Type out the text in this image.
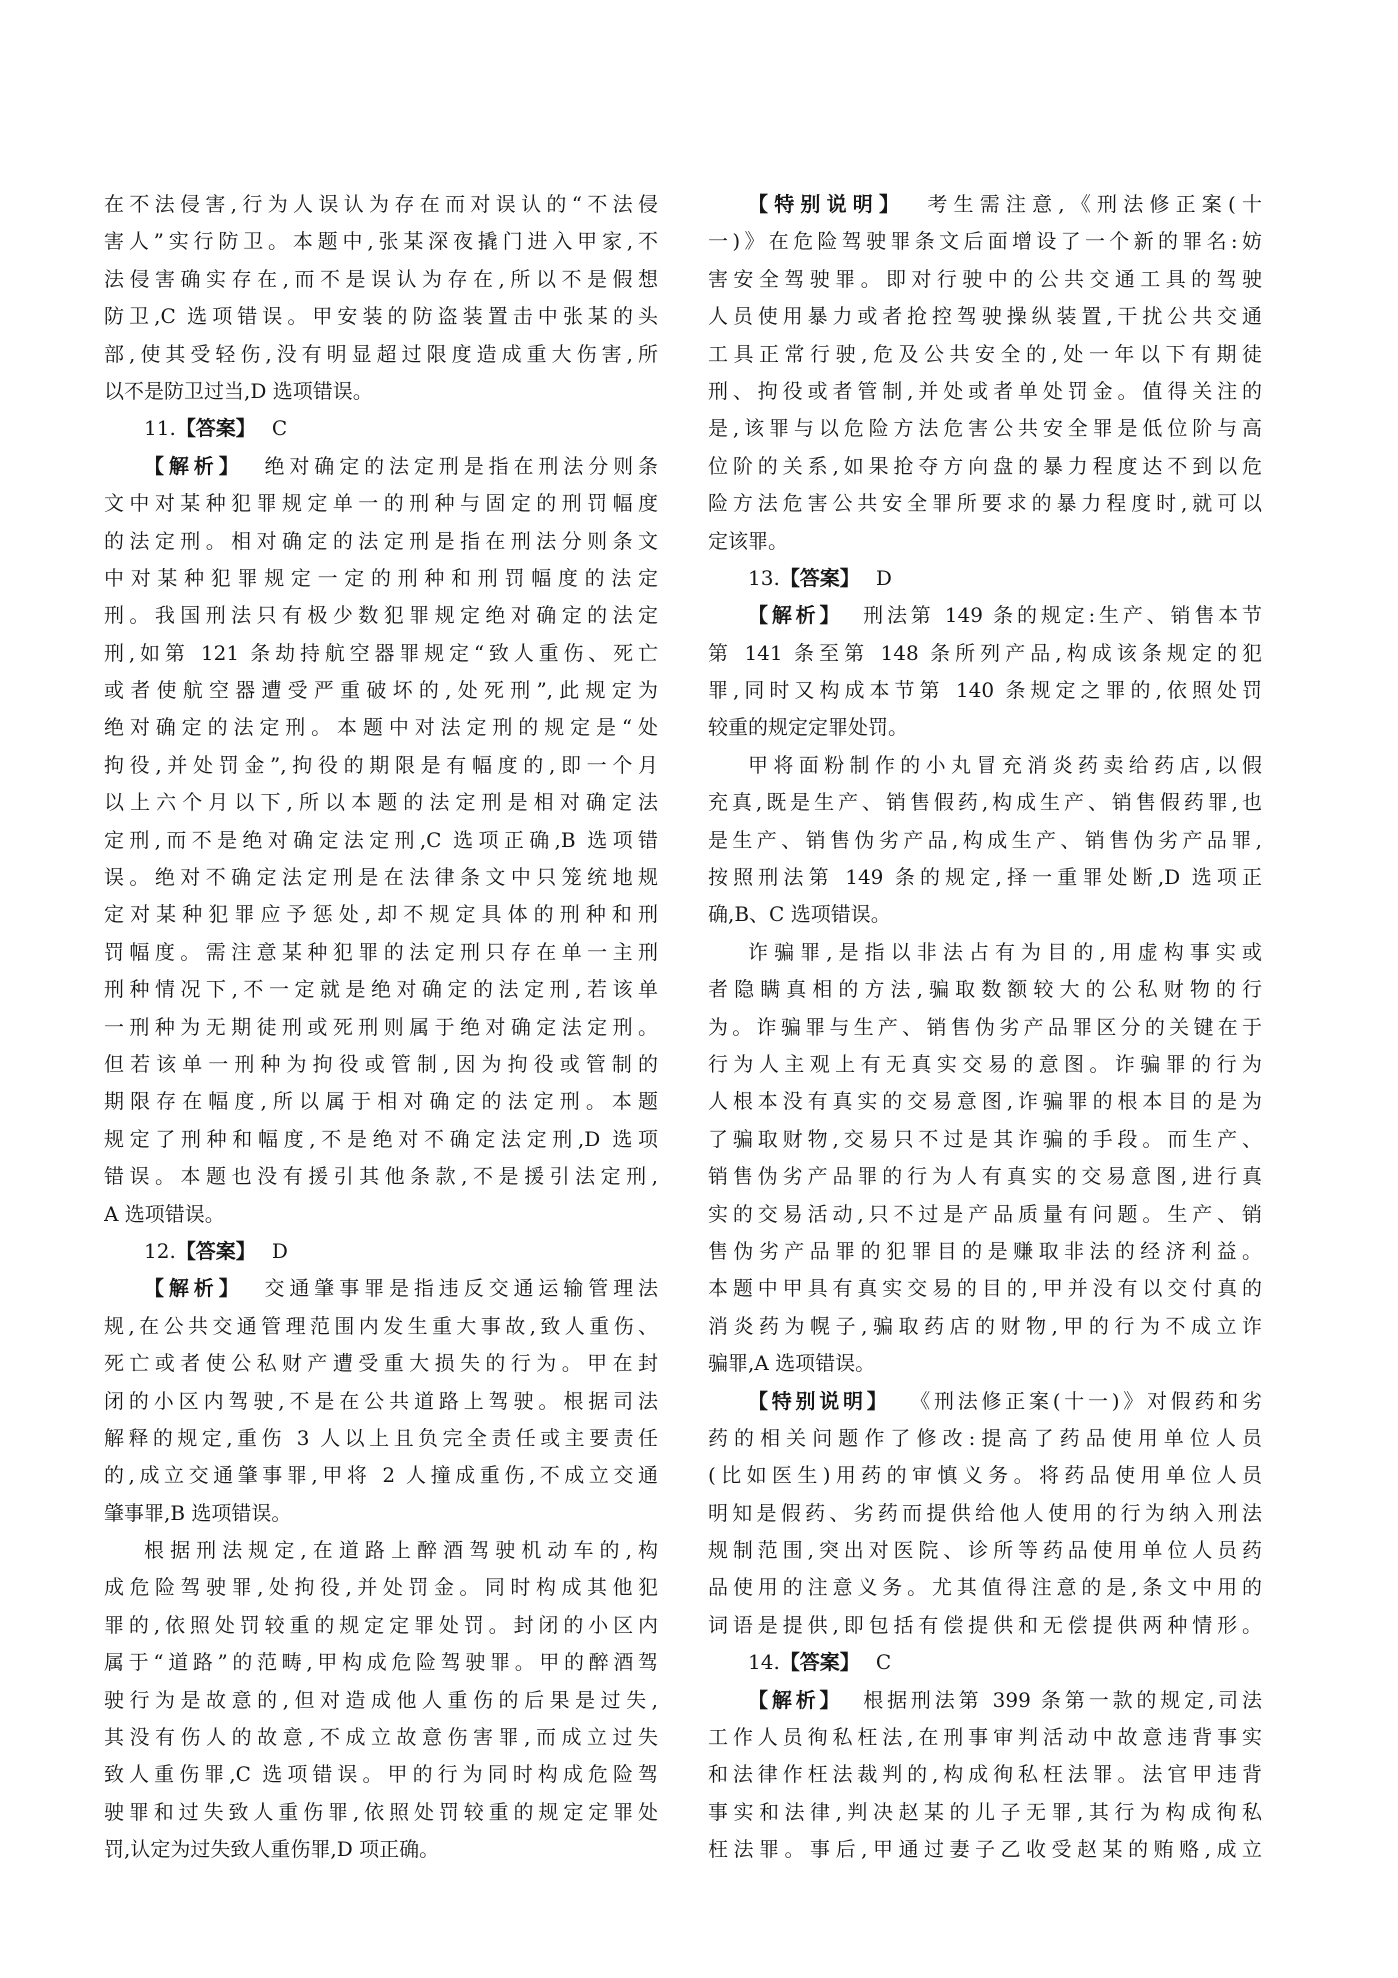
在不法侵害,行为人误认为存在而对误认的“不法侵
害人”实行防卫。本题中,张某深夜撬门进入甲家,不
法侵害确实存在,而不是误认为存在,所以不是假想
防卫,C 选项错误。甲安装的防盗装置击中张某的头
部,使其受轻伤,没有明显超过限度造成重大伤害,所
以不是防卫过当,D 选项错误。
11.【答案】 C
【解析】 绝对确定的法定刑是指在刑法分则条
文中对某种犯罪规定单一的刑种与固定的刑罚幅度
的法定刑。相对确定的法定刑是指在刑法分则条文
中对某种犯罪规定一定的刑种和刑罚幅度的法定
刑。我国刑法只有极少数犯罪规定绝对确定的法定
刑,如第 121 条劫持航空器罪规定“致人重伤、死亡
或者使航空器遭受严重破坏的,处死刑”,此规定为
绝对确定的法定刑。本题中对法定刑的规定是“处
拘役,并处罚金”,拘役的期限是有幅度的,即一个月
以上六个月以下,所以本题的法定刑是相对确定法
定刑,而不是绝对确定法定刑,C 选项正确,B 选项错
误。绝对不确定法定刑是在法律条文中只笼统地规
定对某种犯罪应予惩处,却不规定具体的刑种和刑
罚幅度。需注意某种犯罪的法定刑只存在单一主刑
刑种情况下,不一定就是绝对确定的法定刑,若该单
一刑种为无期徒刑或死刑则属于绝对确定法定刑。
但若该单一刑种为拘役或管制,因为拘役或管制的
期限存在幅度,所以属于相对确定的法定刑。本题
规定了刑种和幅度,不是绝对不确定法定刑,D 选项
错误。本题也没有援引其他条款,不是援引法定刑,
A 选项错误。
12.【答案】 D
【解析】 交通肇事罪是指违反交通运输管理法
规,在公共交通管理范围内发生重大事故,致人重伤、
死亡或者使公私财产遭受重大损失的行为。甲在封
闭的小区内驾驶,不是在公共道路上驾驶。根据司法
解释的规定,重伤 3 人以上且负完全责任或主要责任
的,成立交通肇事罪,甲将 2 人撞成重伤,不成立交通
肇事罪,B 选项错误。
根据刑法规定,在道路上醉酒驾驶机动车的,构
成危险驾驶罪,处拘役,并处罚金。同时构成其他犯
罪的,依照处罚较重的规定定罪处罚。封闭的小区内
属于“道路”的范畴,甲构成危险驾驶罪。甲的醉酒驾
驶行为是故意的,但对造成他人重伤的后果是过失,
其没有伤人的故意,不成立故意伤害罪,而成立过失
致人重伤罪,C 选项错误。甲的行为同时构成危险驾
驶罪和过失致人重伤罪,依照处罚较重的规定定罪处
罚,认定为过失致人重伤罪,D 项正确。
【特别说明】 考生需注意,《刑法修正案(十
一)》在危险驾驶罪条文后面增设了一个新的罪名:妨
害安全驾驶罪。即对行驶中的公共交通工具的驾驶
人员使用暴力或者抢控驾驶操纵装置,干扰公共交通
工具正常行驶,危及公共安全的,处一年以下有期徒
刑、拘役或者管制,并处或者单处罚金。值得关注的
是,该罪与以危险方法危害公共安全罪是低位阶与高
位阶的关系,如果抢夺方向盘的暴力程度达不到以危
险方法危害公共安全罪所要求的暴力程度时,就可以
定该罪。
13.【答案】 D
【解析】 刑法第 149 条的规定:生产、销售本节
第 141 条至第 148 条所列产品,构成该条规定的犯
罪,同时又构成本节第 140 条规定之罪的,依照处罚
较重的规定定罪处罚。
甲将面粉制作的小丸冒充消炎药卖给药店,以假
充真,既是生产、销售假药,构成生产、销售假药罪,也
是生产、销售伪劣产品,构成生产、销售伪劣产品罪,
按照刑法第 149 条的规定,择一重罪处断,D 选项正
确,B、C 选项错误。
诈骗罪,是指以非法占有为目的,用虚构事实或
者隐瞒真相的方法,骗取数额较大的公私财物的行
为。诈骗罪与生产、销售伪劣产品罪区分的关键在于
行为人主观上有无真实交易的意图。诈骗罪的行为
人根本没有真实的交易意图,诈骗罪的根本目的是为
了骗取财物,交易只不过是其诈骗的手段。而生产、
销售伪劣产品罪的行为人有真实的交易意图,进行真
实的交易活动,只不过是产品质量有问题。生产、销
售伪劣产品罪的犯罪目的是赚取非法的经济利益。
本题中甲具有真实交易的目的,甲并没有以交付真的
消炎药为幌子,骗取药店的财物,甲的行为不成立诈
骗罪,A 选项错误。
【特别说明】 《刑法修正案(十一)》对假药和劣
药的相关问题作了修改:提高了药品使用单位人员
(比如医生)用药的审慎义务。将药品使用单位人员
明知是假药、劣药而提供给他人使用的行为纳入刑法
规制范围,突出对医院、诊所等药品使用单位人员药
品使用的注意义务。尤其值得注意的是,条文中用的
词语是提供,即包括有偿提供和无偿提供两种情形。
14.【答案】 C
【解析】 根据刑法第 399 条第一款的规定,司法
工作人员徇私枉法,在刑事审判活动中故意违背事实
和法律作枉法裁判的,构成徇私枉法罪。法官甲违背
事实和法律,判决赵某的儿子无罪,其行为构成徇私
枉法罪。事后,甲通过妻子乙收受赵某的贿赂,成立
